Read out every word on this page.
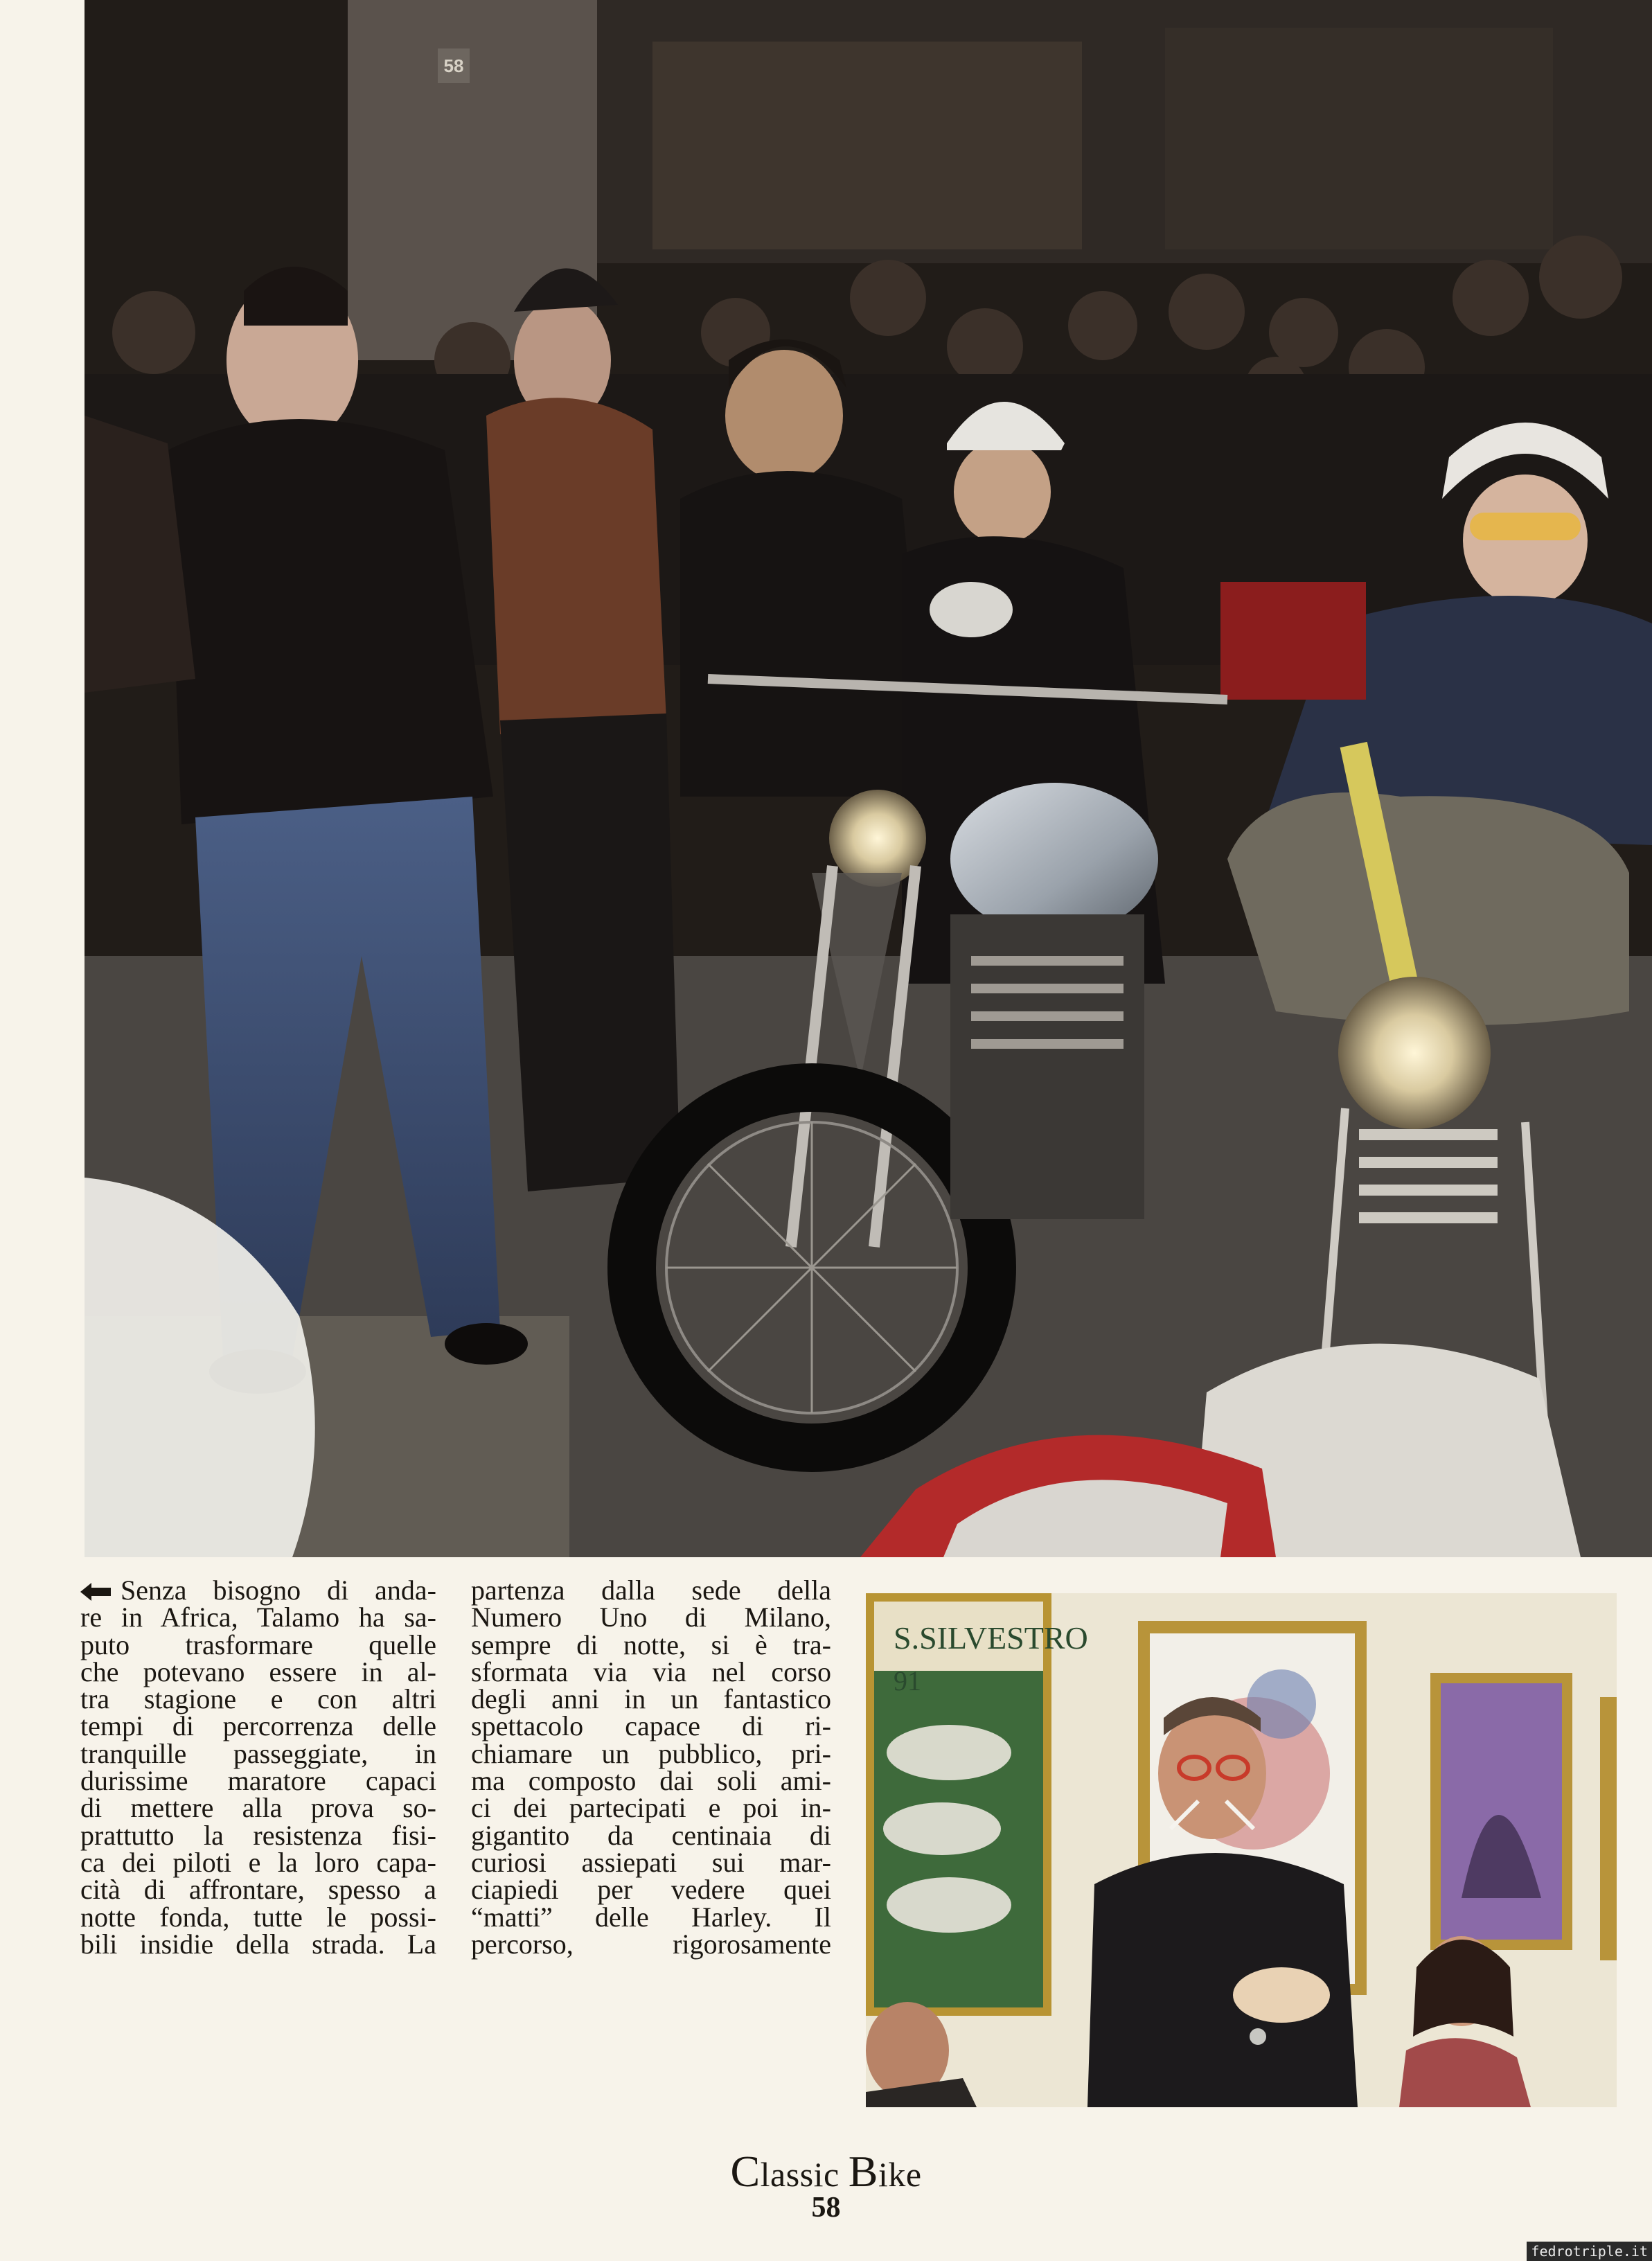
58
Senza bisogno di anda-
re in Africa, Talamo ha sa-
puto trasformare quelle
che potevano essere in al-
tra stagione e con altri
tempi di percorrenza delle
tranquille passeggiate, in
durissime maratore capaci
di mettere alla prova so-
prattutto la resistenza fisi-
ca dei piloti e la loro capa-
cità di affrontare, spesso a
notte fonda, tutte le possi-
bili insidie della strada. La
partenza dalla sede della
Numero Uno di Milano,
sempre di notte, si è tra-
sformata via via nel corso
degli anni in un fantastico
spettacolo capace di ri-
chiamare un pubblico, pri-
ma composto dai soli ami-
ci dei partecipati e poi in-
gigantito da centinaia di
curiosi assiepati sui mar-
ciapiedi per vedere quei
“matti” delle Harley. Il
percorso, rigorosamente
S.SILVESTRO
91
Classic Bike
58
fedrotriple.it
